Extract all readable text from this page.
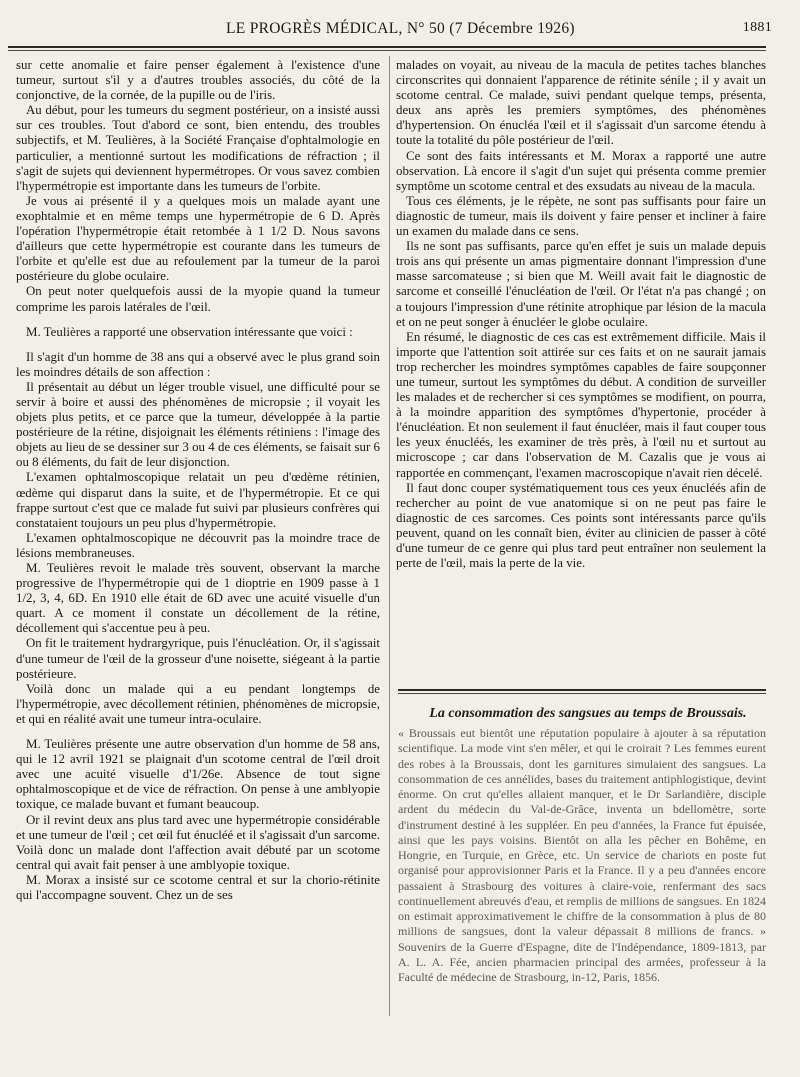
LE PROGRÈS MÉDICAL, N° 50 (7 Décembre 1926)	1881

sur cette anomalie et faire penser également à l'existence d'une tumeur, surtout s'il y a d'autres troubles associés, du côté de la conjonctive, de la cornée, de la pupille ou de l'iris.

Au début, pour les tumeurs du segment postérieur, on a insisté aussi sur ces troubles. Tout d'abord ce sont, bien entendu, des troubles subjectifs, et M. Teulières, à la Société Française d'ophtalmologie en particulier, a mentionné surtout les modifications de réfraction ; il s'agit de sujets qui deviennent hypermétropes. Or vous savez combien l'hypermétropie est importante dans les tumeurs de l'orbite.

Je vous ai présenté il y a quelques mois un malade ayant une exophtalmie et en même temps une hypermétropie de 6 D. Après l'opération l'hypermétropie était retombée à 1 1/2 D. Nous savons d'ailleurs que cette hypermétropie est courante dans les tumeurs de l'orbite et qu'elle est due au refoulement par la tumeur de la paroi postérieure du globe oculaire.

On peut noter quelquefois aussi de la myopie quand la tumeur comprime les parois latérales de l'œil.

M. Teulières a rapporté une observation intéressante que voici :

Il s'agit d'un homme de 38 ans qui a observé avec le plus grand soin les moindres détails de son affection :

Il présentait au début un léger trouble visuel, une difficulté pour se servir à boire et aussi des phénomènes de micropsie ; il voyait les objets plus petits, et ce parce que la tumeur, développée à la partie postérieure de la rétine, disjoignait les éléments rétiniens : l'image des objets au lieu de se dessiner sur 3 ou 4 de ces éléments, se faisait sur 6 ou 8 éléments, du fait de leur disjonction.

L'examen ophtalmoscopique relatait un peu d'œdème rétinien, œdème qui disparut dans la suite, et de l'hypermétropie. Et ce qui frappe surtout c'est que ce malade fut suivi par plusieurs confrères qui constataient toujours un peu plus d'hypermétropie.

L'examen ophtalmoscopique ne découvrit pas la moindre trace de lésions membraneuses.

M. Teulières revoit le malade très souvent, observant la marche progressive de l'hypermétropie qui de 1 dioptrie en 1909 passe à 1 1/2, 3, 4, 6D. En 1910 elle était de 6D avec une acuité visuelle d'un quart. A ce moment il constate un décollement de la rétine, décollement qui s'accentue peu à peu.

On fit le traitement hydrargyrique, puis l'énucléation. Or, il s'agissait d'une tumeur de l'œil de la grosseur d'une noisette, siégeant à la partie postérieure.

Voilà donc un malade qui a eu pendant longtemps de l'hypermétropie, avec décollement rétinien, phénomènes de micropsie, et qui en réalité avait une tumeur intra-oculaire.

M. Teulières présente une autre observation d'un homme de 58 ans, qui le 12 avril 1921 se plaignait d'un scotome central de l'œil droit avec une acuité visuelle d'1/26e. Absence de tout signe ophtalmoscopique et de vice de réfraction. On pense à une amblyopie toxique, ce malade buvant et fumant beaucoup.

Or il revint deux ans plus tard avec une hypermétropie considérable et une tumeur de l'œil ; cet œil fut énucléé et il s'agissait d'un sarcome. Voilà donc un malade dont l'affection avait débuté par un scotome central qui avait fait penser à une amblyopie toxique.

M. Morax a insisté sur ce scotome central et sur la chorio-rétinite qui l'accompagne souvent. Chez un de ses

malades on voyait, au niveau de la macula de petites taches blanches circonscrites qui donnaient l'apparence de rétinite sénile ; il y avait un scotome central. Ce malade, suivi pendant quelque temps, présenta, deux ans après les premiers symptômes, des phénomènes d'hypertension. On énucléa l'œil et il s'agissait d'un sarcome étendu à toute la totalité du pôle postérieur de l'œil.

Ce sont des faits intéressants et M. Morax a rapporté une autre observation. Là encore il s'agit d'un sujet qui présenta comme premier symptôme un scotome central et des exsudats au niveau de la macula.

Tous ces éléments, je le répète, ne sont pas suffisants pour faire un diagnostic de tumeur, mais ils doivent y faire penser et incliner à faire un examen du malade dans ce sens.

Ils ne sont pas suffisants, parce qu'en effet je suis un malade depuis trois ans qui présente un amas pigmentaire donnant l'impression d'une masse sarcomateuse ; si bien que M. Weill avait fait le diagnostic de sarcome et conseillé l'énucléation de l'œil. Or l'état n'a pas changé ; on a toujours l'impression d'une rétinite atrophique par lésion de la macula et on ne peut songer à énucléer le globe oculaire.

En résumé, le diagnostic de ces cas est extrêmement difficile. Mais il importe que l'attention soit attirée sur ces faits et on ne saurait jamais trop rechercher les moindres symptômes capables de faire soupçonner une tumeur, surtout les symptômes du début. A condition de surveiller les malades et de rechercher si ces symptômes se modifient, on pourra, à la moindre apparition des symptômes d'hypertonie, procéder à l'énucléation. Et non seulement il faut énucléer, mais il faut couper tous les yeux énucléés, les examiner de très près, à l'œil nu et surtout au microscope ; car dans l'observation de M. Cazalis que je vous ai rapportée en commençant, l'examen macroscopique n'avait rien décelé.

Il faut donc couper systématiquement tous ces yeux énucléés afin de rechercher au point de vue anatomique si on ne peut pas faire le diagnostic de ces sarcomes. Ces points sont intéressants parce qu'ils peuvent, quand on les connaît bien, éviter au clinicien de passer à côté d'une tumeur de ce genre qui plus tard peut entraîner non seulement la perte de l'œil, mais la perte de la vie.

La consommation des sangsues au temps de Broussais.

« Broussais eut bientôt une réputation populaire à ajouter à sa réputation scientifique. La mode vint s'en mêler, et qui le croirait ? Les femmes eurent des robes à la Broussais, dont les garnitures simulaient des sangsues. La consommation de ces annélides, bases du traitement antiphlogistique, devint énorme. On crut qu'elles allaient manquer, et le Dr Sarlandière, disciple ardent du médecin du Val-de-Grâce, inventa un bdellomètre, sorte d'instrument destiné à les suppléer. En peu d'années, la France fut épuisée, ainsi que les pays voisins. Bientôt on alla les pêcher en Bohême, en Hongrie, en Turquie, en Grèce, etc. Un service de chariots en poste fut organisé pour approvisionner Paris et la France. Il y a peu d'années encore passaient à Strasbourg des voitures à claire-voie, renfermant des sacs continuellement abreuvés d'eau, et remplis de millions de sangsues. En 1824 on estimait approximativement le chiffre de la consommation à plus de 80 millions de sangsues, dont la valeur dépassait 8 millions de francs. » Souvenirs de la Guerre d'Espagne, dite de l'Indépendance, 1809-1813, par A. L. A. Fée, ancien pharmacien principal des armées, professeur à la Faculté de médecine de Strasbourg, in-12, Paris, 1856.
